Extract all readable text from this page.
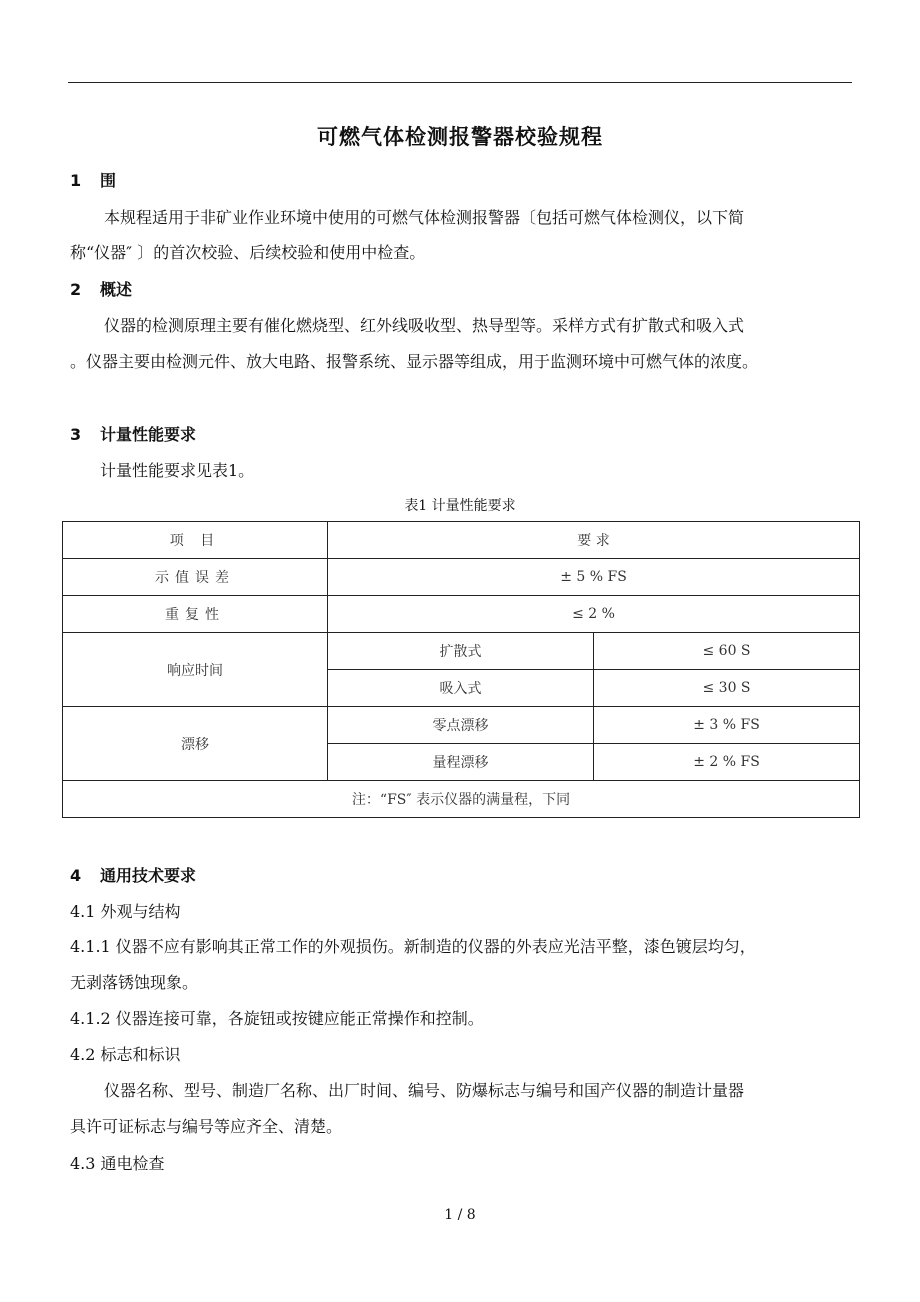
可燃气体检测报警器校验规程
1 围
本规程适用于非矿业作业环境中使用的可燃气体检测报警器〔包括可燃气体检测仪，以下简
称“仪器″ 〕的首次校验、后续校验和使用中检查。
2 概述
仪器的检测原理主要有催化燃烧型、红外线吸收型、热导型等。采样方式有扩散式和吸入式
。仪器主要由检测元件、放大电路、报警系统、显示器等组成，用于监测环境中可燃气体的浓度。
3 计量性能要求
计量性能要求见表1。
表1 计量性能要求
项 目	要 求	
示值误差	± 5 % FS	
重复性	≤ 2 %	
响应时间	扩散式	≤ 60 S
	吸入式	≤ 30 S
漂移	零点漂移	± 3 % FS
	量程漂移	± 2 % FS
注：“FS″ 表示仪器的满量程，下同		
4 通用技术要求
4.1 外观与结构
4.1.1 仪器不应有影响其正常工作的外观损伤。新制造的仪器的外表应光洁平整，漆色镀层均匀，
无剥落锈蚀现象。
4.1.2 仪器连接可靠，各旋钮或按键应能正常操作和控制。
4.2 标志和标识
仪器名称、型号、制造厂名称、出厂时间、编号、防爆标志与编号和国产仪器的制造计量器
具许可证标志与编号等应齐全、清楚。
4.3 通电检查
1 / 8
